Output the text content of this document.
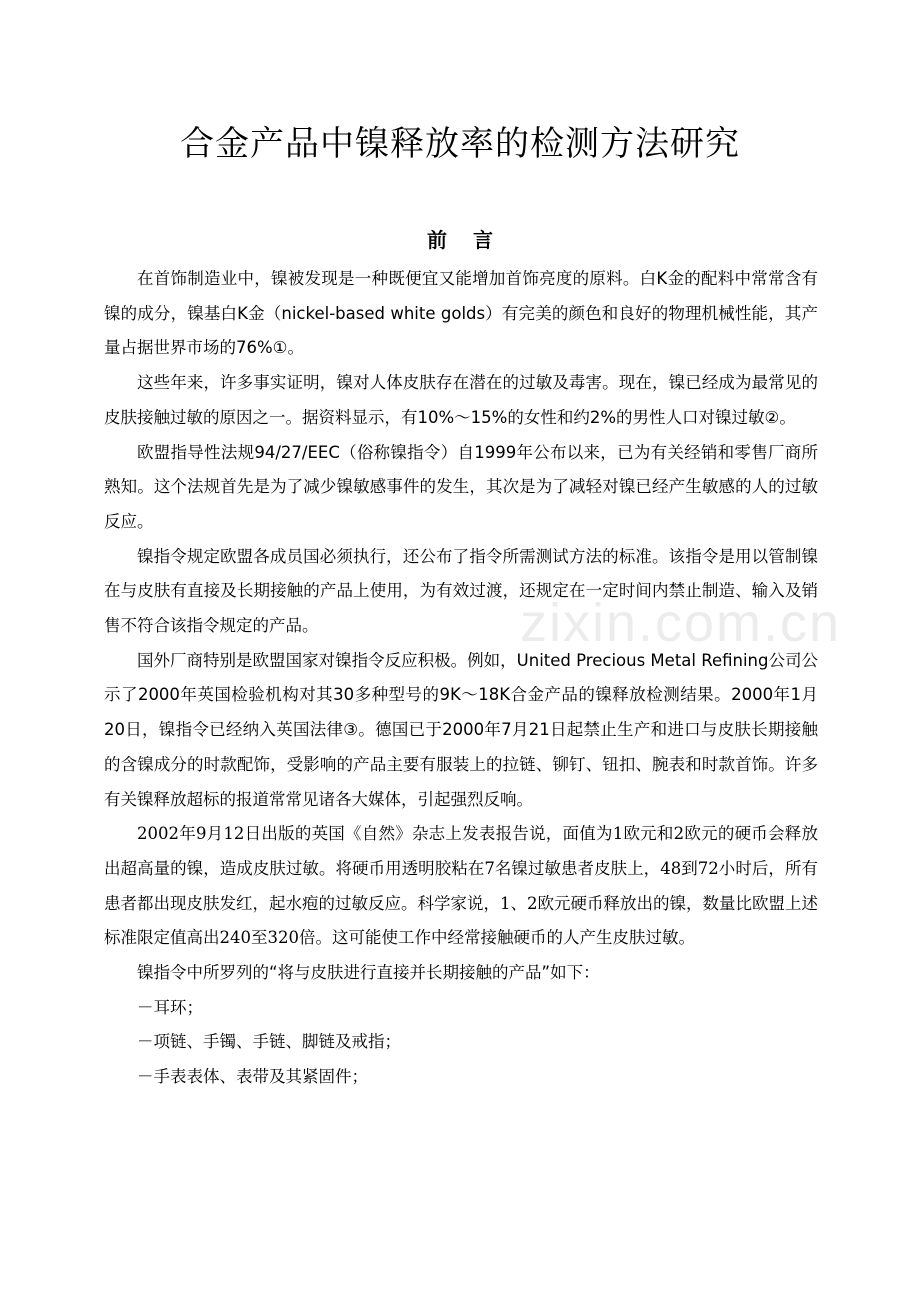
合金产品中镍释放率的检测方法研究
前言

在首饰制造业中，镍被发现是一种既便宜又能增加首饰亮度的原料。白K金的配料中常常含有镍的成分，镍基白K金（nickel-based white golds）有完美的颜色和良好的物理机械性能，其产量占据世界市场的76%①。

这些年来，许多事实证明，镍对人体皮肤存在潜在的过敏及毒害。现在，镍已经成为最常见的皮肤接触过敏的原因之一。据资料显示，有10%～15%的女性和约2%的男性人口对镍过敏②。

欧盟指导性法规94/27/EEC（俗称镍指令）自1999年公布以来，已为有关经销和零售厂商所熟知。这个法规首先是为了减少镍敏感事件的发生，其次是为了减轻对镍已经产生敏感的人的过敏反应。

镍指令规定欧盟各成员国必须执行，还公布了指令所需测试方法的标准。该指令是用以管制镍在与皮肤有直接及长期接触的产品上使用，为有效过渡，还规定在一定时间内禁止制造、输入及销售不符合该指令规定的产品。

国外厂商特别是欧盟国家对镍指令反应积极。例如，United Precious Metal Refining公司公示了2000年英国检验机构对其30多种型号的9K～18K合金产品的镍释放检测结果。2000年1月20日，镍指令已经纳入英国法律③。德国已于2000年7月21日起禁止生产和进口与皮肤长期接触的含镍成分的时款配饰，受影响的产品主要有服装上的拉链、铆钉、钮扣、腕表和时款首饰。许多有关镍释放超标的报道常常见诸各大媒体，引起强烈反响。

2002年9月12日出版的英国《自然》杂志上发表报告说，面值为1欧元和2欧元的硬币会释放出超高量的镍，造成皮肤过敏。将硬币用透明胶粘在7名镍过敏患者皮肤上，48到72小时后，所有患者都出现皮肤发红，起水疱的过敏反应。科学家说，1、2欧元硬币释放出的镍，数量比欧盟上述标准限定值高出240至320倍。这可能使工作中经常接触硬币的人产生皮肤过敏。

镍指令中所罗列的“将与皮肤进行直接并长期接触的产品”如下：

－耳环；

－项链、手镯、手链、脚链及戒指；

－手表表体、表带及其紧固件；

zixin.com.cn
